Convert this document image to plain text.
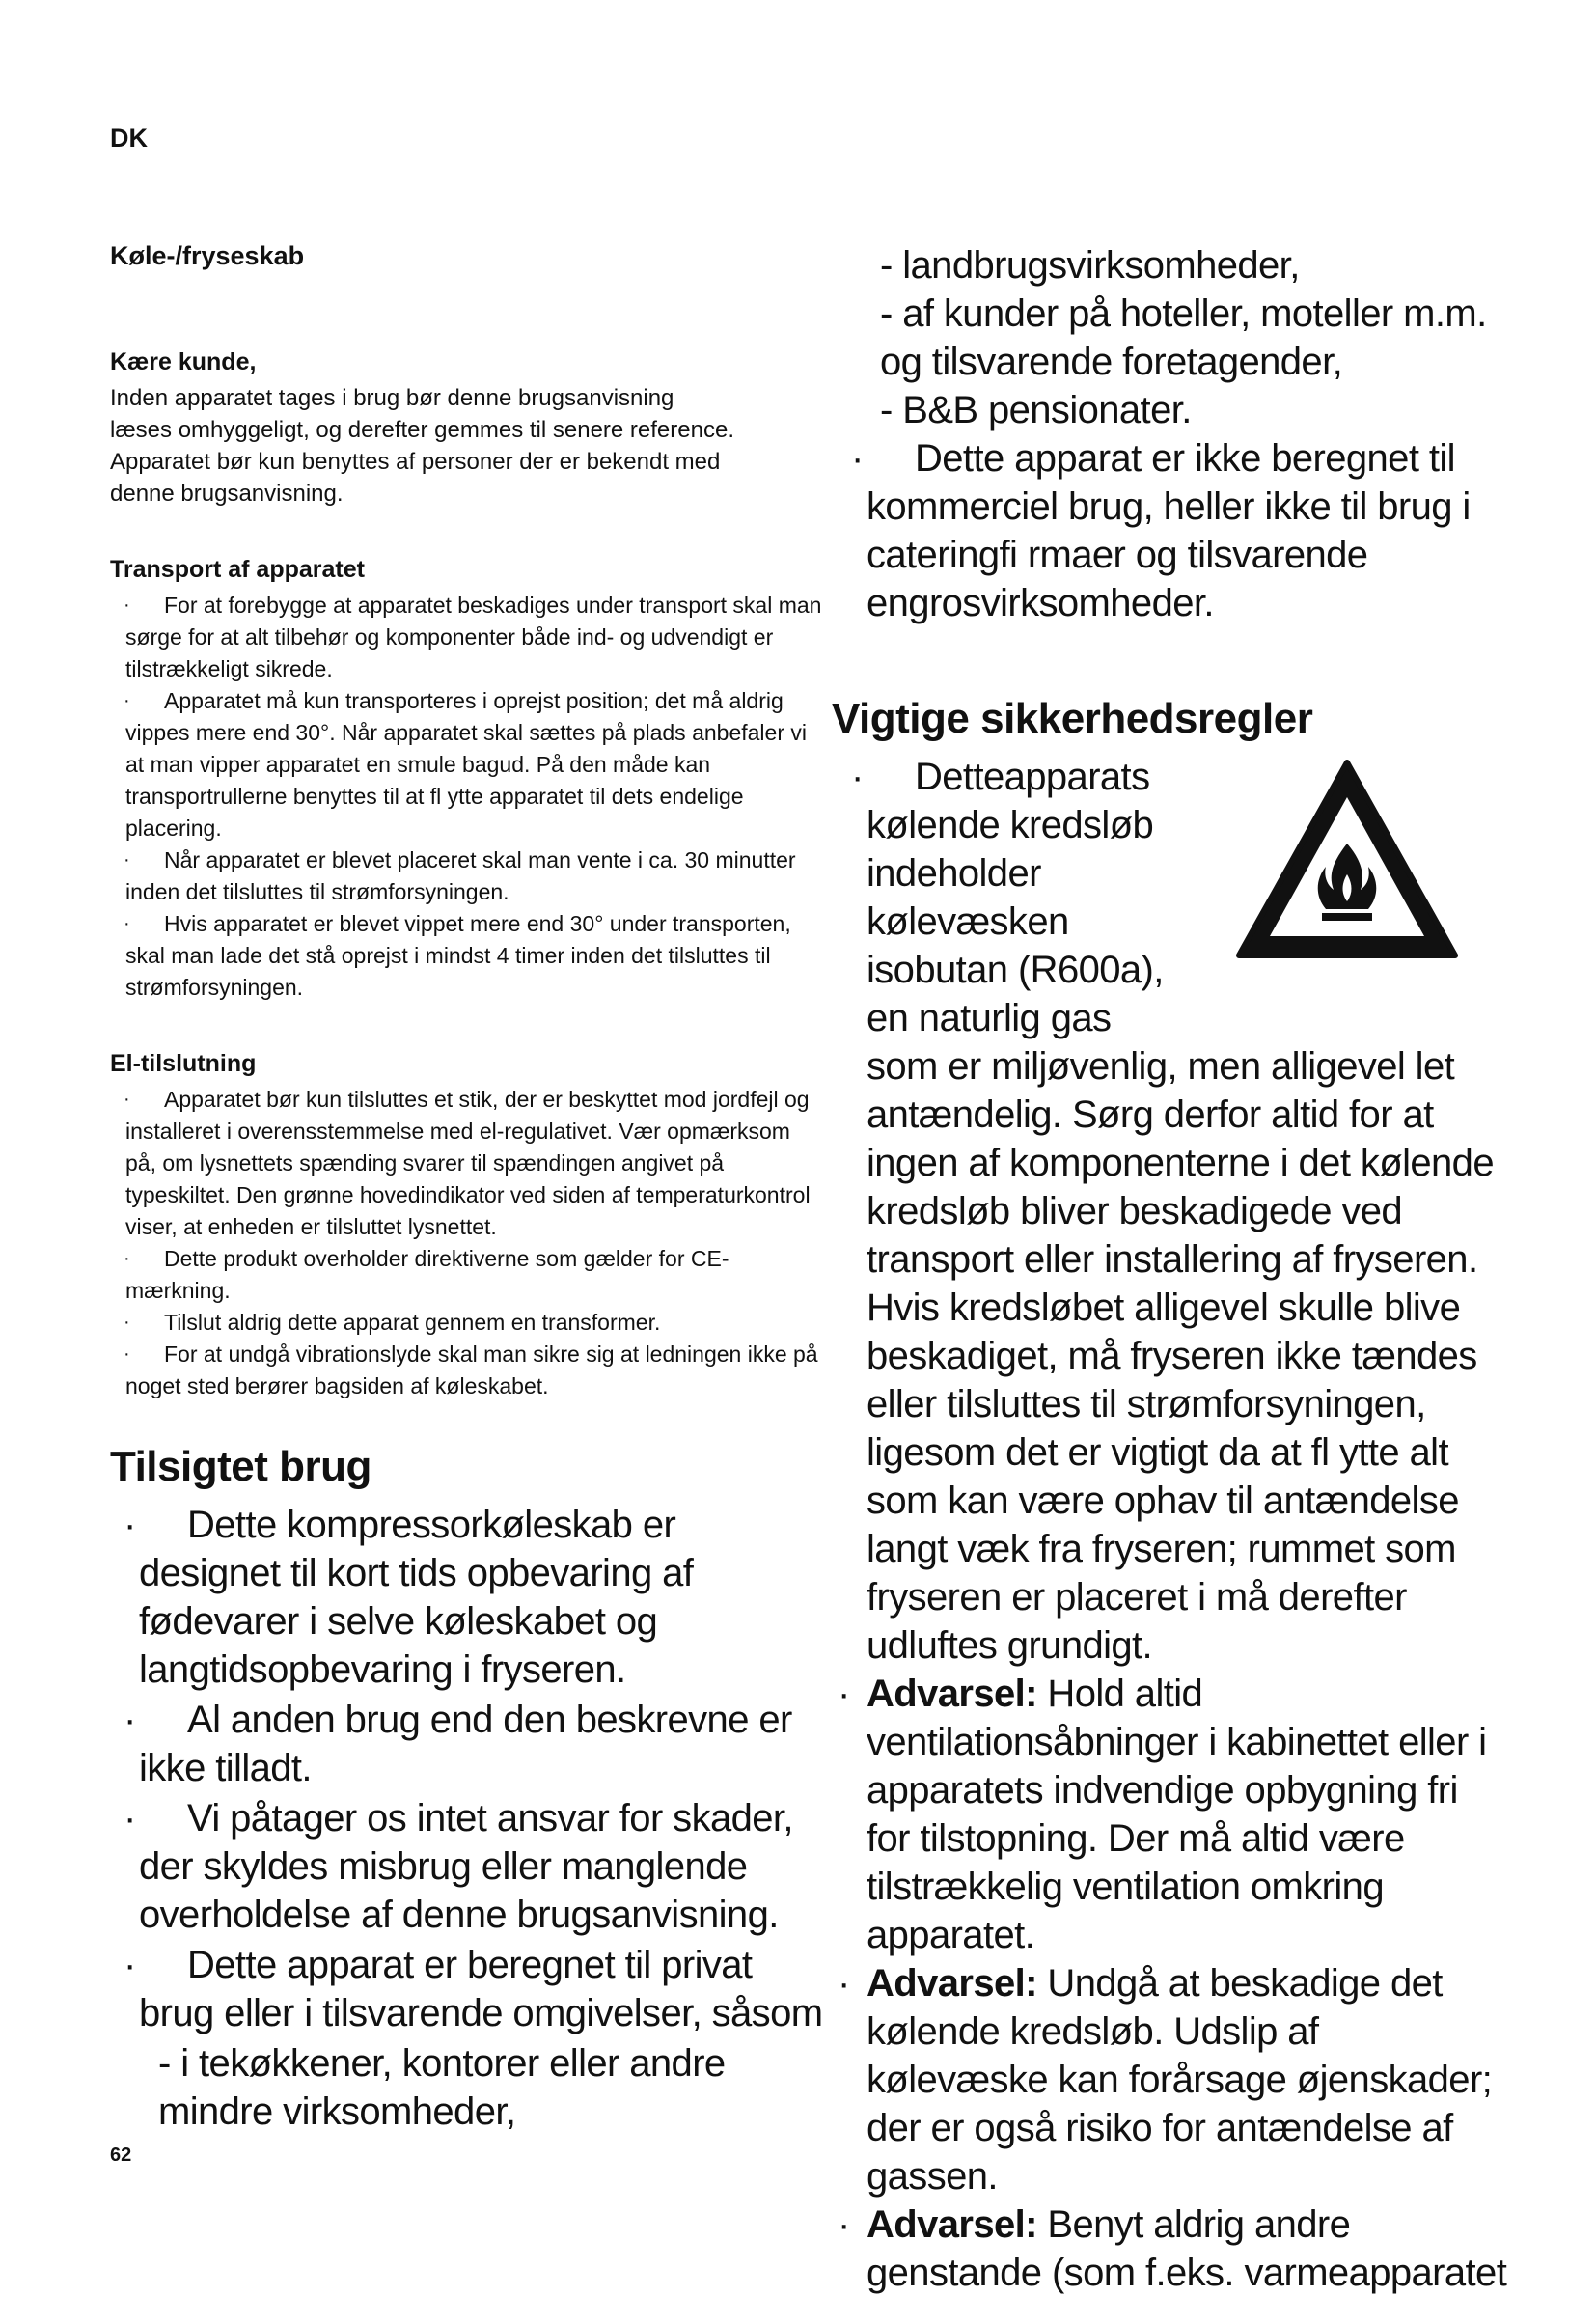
DK
Køle-/fryseskab
Kære kunde,

Inden apparatet tages i brug bør denne brugsanvisning

læses omhyggeligt, og derefter gemmes til senere reference.

Apparatet bør kun benyttes af personer der er bekendt med

denne brugsanvisning.

Transport af apparatet
·	For at forebygge at apparatet beskadiges under transport skal man sørge for at alt tilbehør og komponenter både ind- og udvendigt er tilstrækkeligt sikrede.
·	Apparatet må kun transporteres i oprejst position; det må aldrig vippes mere end 30°. Når apparatet skal sættes på plads anbefaler vi at man vipper apparatet en smule bagud. På den måde kan transportrullerne benyttes til at fl ytte apparatet til dets endelige placering.
·	Når apparatet er blevet placeret skal man vente i ca. 30 minutter inden det tilsluttes til strømforsyningen.
·	Hvis apparatet er blevet vippet mere end 30° under transporten, skal man lade det stå oprejst i mindst 4 timer inden det tilsluttes til strømforsyningen.
El-tilslutning
·	Apparatet bør kun tilsluttes et stik, der er beskyttet mod jordfejl og installeret i overensstemmelse med el-regulativet. Vær opmærksom på, om lysnettets spænding svarer til spændingen angivet på typeskiltet. Den grønne hovedindikator ved siden af temperaturkontrol viser, at enheden er tilsluttet lysnettet.
·	Dette produkt overholder direktiverne som gælder for CE-mærkning.
·	Tilslut aldrig dette apparat gennem en transformer.
·	For at undgå vibrationslyde skal man sikre sig at ledningen ikke på noget sted berører bagsiden af køleskabet.
Tilsigtet brug
·	Dette kompressorkøleskab er designet til kort tids opbevaring af fødevarer i selve køleskabet og langtidsopbevaring i fryseren.
·	Al anden brug end den beskrevne er ikke tilladt.
·	Vi påtager os intet ansvar for skader, der skyldes misbrug eller manglende overholdelse af denne brugsanvisning.
·	Dette apparat er beregnet til privat brug eller i tilsvarende omgivelser, såsom
- i tekøkkener, kontorer eller andre mindre virksomheder,
- landbrugsvirksomheder,
- af kunder på hoteller, moteller m.m. og tilsvarende foretagender,
- B&B pensionater.
·	Dette apparat er ikke beregnet til kommerciel brug, heller ikke til brug i cateringfi rmaer og tilsvarende engrosvirksomheder.
Vigtige sikkerhedsregler
·	Detteapparats
kølende kredsløb
indeholder
kølevæsken
isobutan (R600a),
en naturlig gas
som er miljøvenlig, men alligevel let antændelig. Sørg derfor altid for at ingen af komponenterne i det kølende kredsløb bliver beskadigede ved transport eller installering af fryseren. Hvis kredsløbet alligevel skulle blive beskadiget, må fryseren ikke tændes eller tilsluttes til strømforsyningen, ligesom det er vigtigt da at fl ytte alt som kan være ophav til antændelse langt væk fra fryseren; rummet som fryseren er placeret i må derefter udluftes grundigt.
· Advarsel: Hold altid ventilationsåbninger i kabinettet eller i apparatets indvendige opbygning fri for tilstopning. Der må altid være tilstrækkelig ventilation omkring apparatet.
· Advarsel: Undgå at beskadige det kølende kredsløb. Udslip af kølevæske kan forårsage øjenskader; der er også risiko for antændelse af gassen.
· Advarsel: Benyt aldrig andre genstande (som f.eks. varmeapparatet
62
